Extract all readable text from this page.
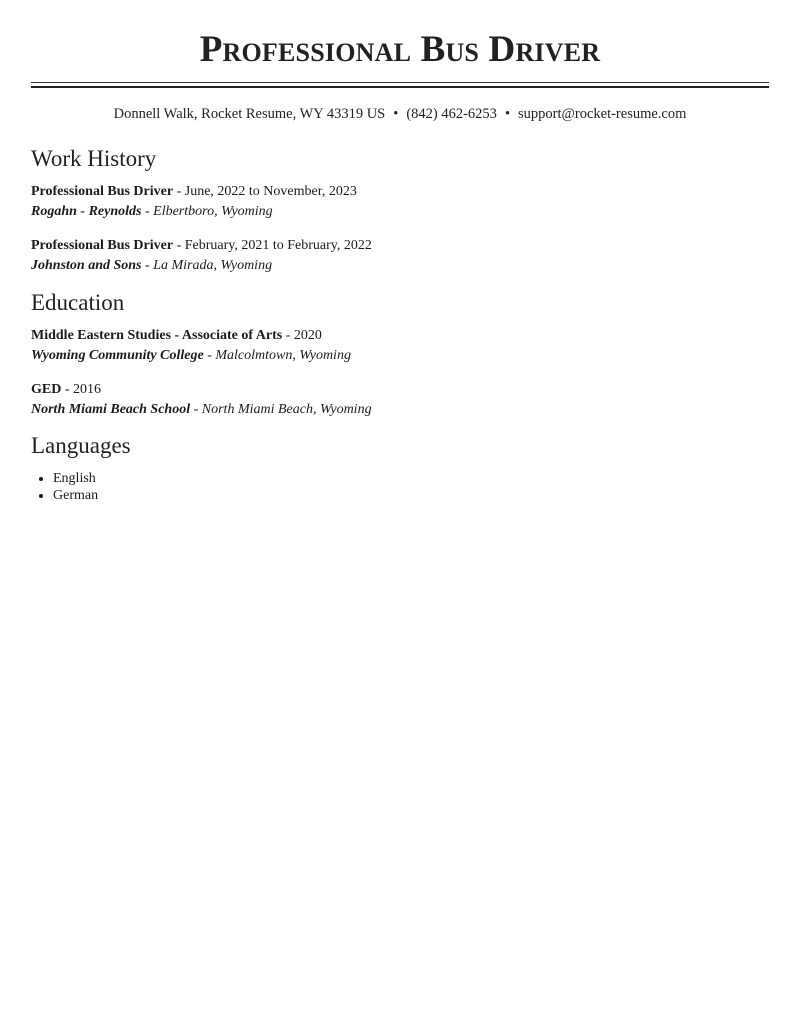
Professional Bus Driver
Donnell Walk, Rocket Resume, WY 43319 US • (842) 462-6253 • support@rocket-resume.com
Work History
Professional Bus Driver - June, 2022 to November, 2023
Rogahn - Reynolds - Elbertboro, Wyoming
Professional Bus Driver - February, 2021 to February, 2022
Johnston and Sons - La Mirada, Wyoming
Education
Middle Eastern Studies - Associate of Arts - 2020
Wyoming Community College - Malcolmtown, Wyoming
GED - 2016
North Miami Beach School - North Miami Beach, Wyoming
Languages
• English
• German
